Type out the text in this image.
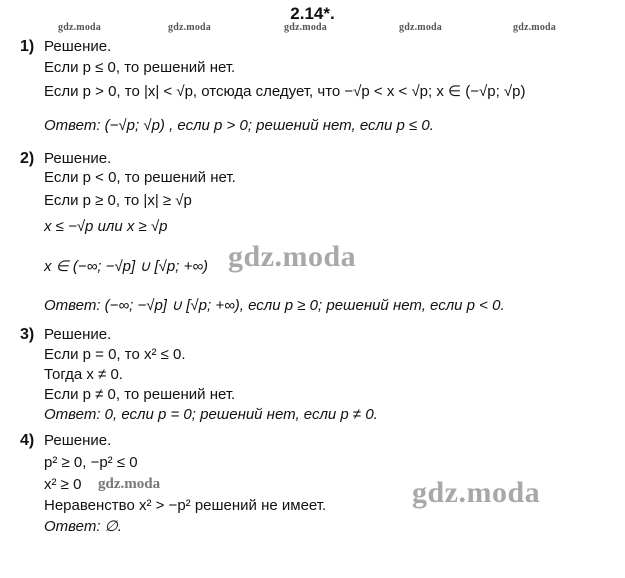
2.14*.
gdz.moda	gdz.moda	gdz.moda	gdz.moda	gdz.moda
1) Решение.
Если p ≤ 0, то решений нет.
Если p > 0, то |x| < √p, отсюда следует, что −√p < x < √p; x ∈ (−√p; √p)
Ответ: (−√p; √p) , если p > 0; решений нет, если p ≤ 0.
2) Решение.
Если p < 0, то решений нет.
Если p ≥ 0, то |x| ≥ √p
x ≤ −√p или x ≥ √p
x ∈ (−∞; −√p] ∪ [√p; +∞)
Ответ: (−∞; −√p] ∪ [√p; +∞), если p ≥ 0; решений нет, если p < 0.
gdz.moda
3) Решение.
Если p = 0, то x² ≤ 0.
Тогда x ≠ 0.
Если p ≠ 0, то решений нет.
Ответ: 0, если p = 0; решений нет, если p ≠ 0.
4) Решение.
p² ≥ 0, −p² ≤ 0
x² ≥ 0
Неравенство x² > −p² решений не имеет.
Ответ: ∅.
gdz.moda	gdz.moda
